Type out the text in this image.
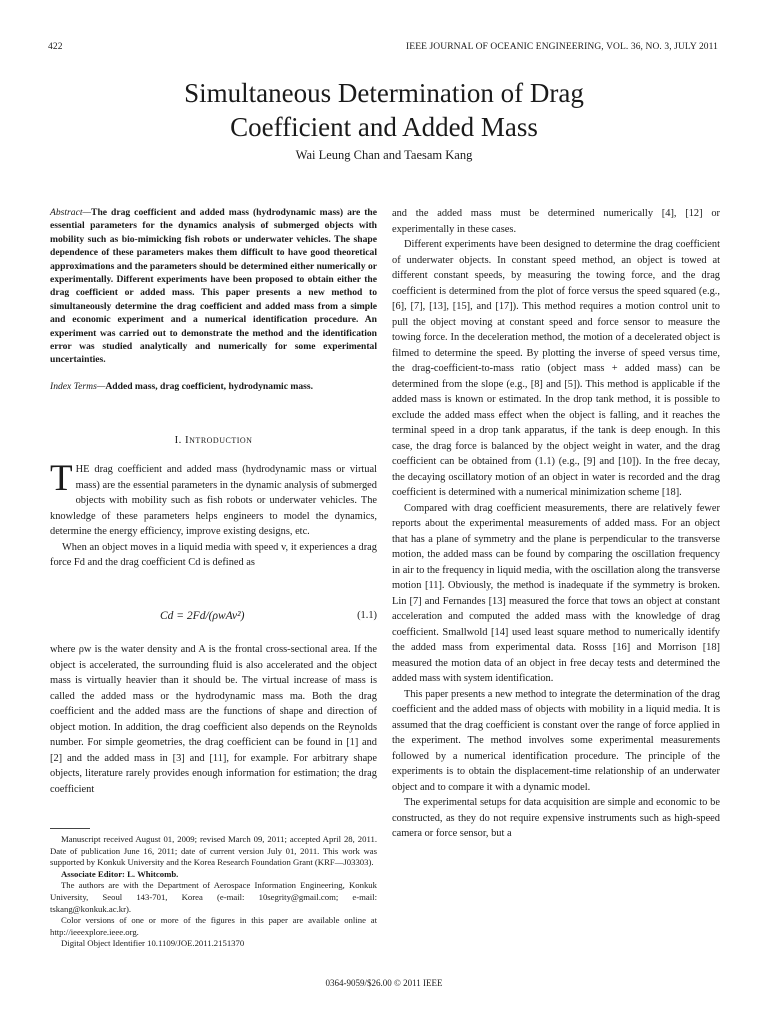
422	IEEE JOURNAL OF OCEANIC ENGINEERING, VOL. 36, NO. 3, JULY 2011
Simultaneous Determination of Drag
Coefficient and Added Mass
Wai Leung Chan and Taesam Kang
Abstract—The drag coefficient and added mass (hydrodynamic mass) are the essential parameters for the dynamics analysis of submerged objects with mobility such as bio-mimicking fish robots or underwater vehicles. The shape dependence of these parameters makes them difficult to have good theoretical approximations and the parameters should be determined either numerically or experimentally. Different experiments have been proposed to obtain either the drag coefficient or added mass. This paper presents a new method to simultaneously determine the drag coefficient and added mass from a simple and economic experiment and a numerical identification procedure. An experiment was carried out to demonstrate the method and the identification error was studied analytically and numerically for some experimental uncertainties.
Index Terms—Added mass, drag coefficient, hydrodynamic mass.
I. Introduction

THE drag coefficient and added mass (hydrodynamic mass or virtual mass) are the essential parameters in the dynamic analysis of submerged objects with mobility such as fish robots or underwater vehicles. The knowledge of these parameters helps engineers to model the dynamics, determine the energy efficiency, improve existing designs, etc.

When an object moves in a liquid media with speed v, it experiences a drag force Fd and the drag coefficient Cd is defined as

Cd = 2Fd/(ρwAv²)	(1.1)

where ρw is the water density and A is the frontal cross-sectional area. If the object is accelerated, the surrounding fluid is also accelerated and the object mass is virtually heavier than it should be. The virtual increase of mass is called the added mass or the hydrodynamic mass ma. Both the drag coefficient and the added mass are the functions of shape and direction of object motion. In addition, the drag coefficient also depends on the Reynolds number. For simple geometries, the drag coefficient can be found in [1] and [2] and the added mass in [3] and [11], for example. For arbitrary shape objects, literature rarely provides enough information for estimation; the drag coefficient

Manuscript received August 01, 2009; revised March 09, 2011; accepted April 28, 2011. Date of publication June 16, 2011; date of current version July 01, 2011. This work was supported by Konkuk University and the Korea Research Foundation Grant (KRF—J03303).

Associate Editor: L. Whitcomb.

The authors are with the Department of Aerospace Information Engineering, Konkuk University, Seoul 143-701, Korea (e-mail: 10segrity@gmail.com; e-mail: tskang@konkuk.ac.kr).

Color versions of one or more of the figures in this paper are available online at http://ieeexplore.ieee.org.

Digital Object Identifier 10.1109/JOE.2011.2151370

and the added mass must be determined numerically [4], [12] or experimentally in these cases.

Different experiments have been designed to determine the drag coefficient of underwater objects. In constant speed method, an object is towed at different constant speeds, by measuring the towing force, and the drag coefficient is determined from the plot of force versus the speed squared (e.g., [6], [7], [13], [15], and [17]). This method requires a motion control unit to pull the object moving at constant speed and force sensor to measure the towing force. In the deceleration method, the motion of a decelerated object is filmed to determine the speed. By plotting the inverse of speed versus time, the drag-coefficient-to-mass ratio (object mass + added mass) can be determined from the slope (e.g., [8] and [5]). This method is applicable if the added mass is known or estimated. In the drop tank method, it is possible to exclude the added mass effect when the object is falling, and it reaches the terminal speed in a drop tank apparatus, if the tank is deep enough. In this case, the drag force is balanced by the object weight in water, and the drag coefficient can be obtained from (1.1) (e.g., [9] and [10]). In the free decay, the decaying oscillatory motion of an object in water is recorded and the drag coefficient is determined with a numerical minimization scheme [18].

Compared with drag coefficient measurements, there are relatively fewer reports about the experimental measurements of added mass. For an object that has a plane of symmetry and the plane is perpendicular to the transverse motion, the added mass can be found by comparing the oscillation frequency in air to the frequency in liquid media, with the oscillation along the transverse motion [11]. Obviously, the method is inadequate if the symmetry is broken. Lin [7] and Fernandes [13] measured the force that tows an object at constant acceleration and computed the added mass with the knowledge of drag coefficient. Smallwold [14] used least square method to numerically identify the added mass from experimental data. Rosss [16] and Morrison [18] measured the motion data of an object in free decay tests and determined the added mass with system identification.

This paper presents a new method to integrate the determination of the drag coefficient and the added mass of objects with mobility in a liquid media. It is assumed that the drag coefficient is constant over the range of force applied in the experiment. The method involves some experimental measurements followed by a numerical identification procedure. The principle of the experiments is to obtain the displacement-time relationship of an underwater object and to compare it with a dynamic model.

The experimental setups for data acquisition are simple and economic to be constructed, as they do not require expensive instruments such as high-speed camera or force sensor, but a

0364-9059/$26.00 © 2011 IEEE
